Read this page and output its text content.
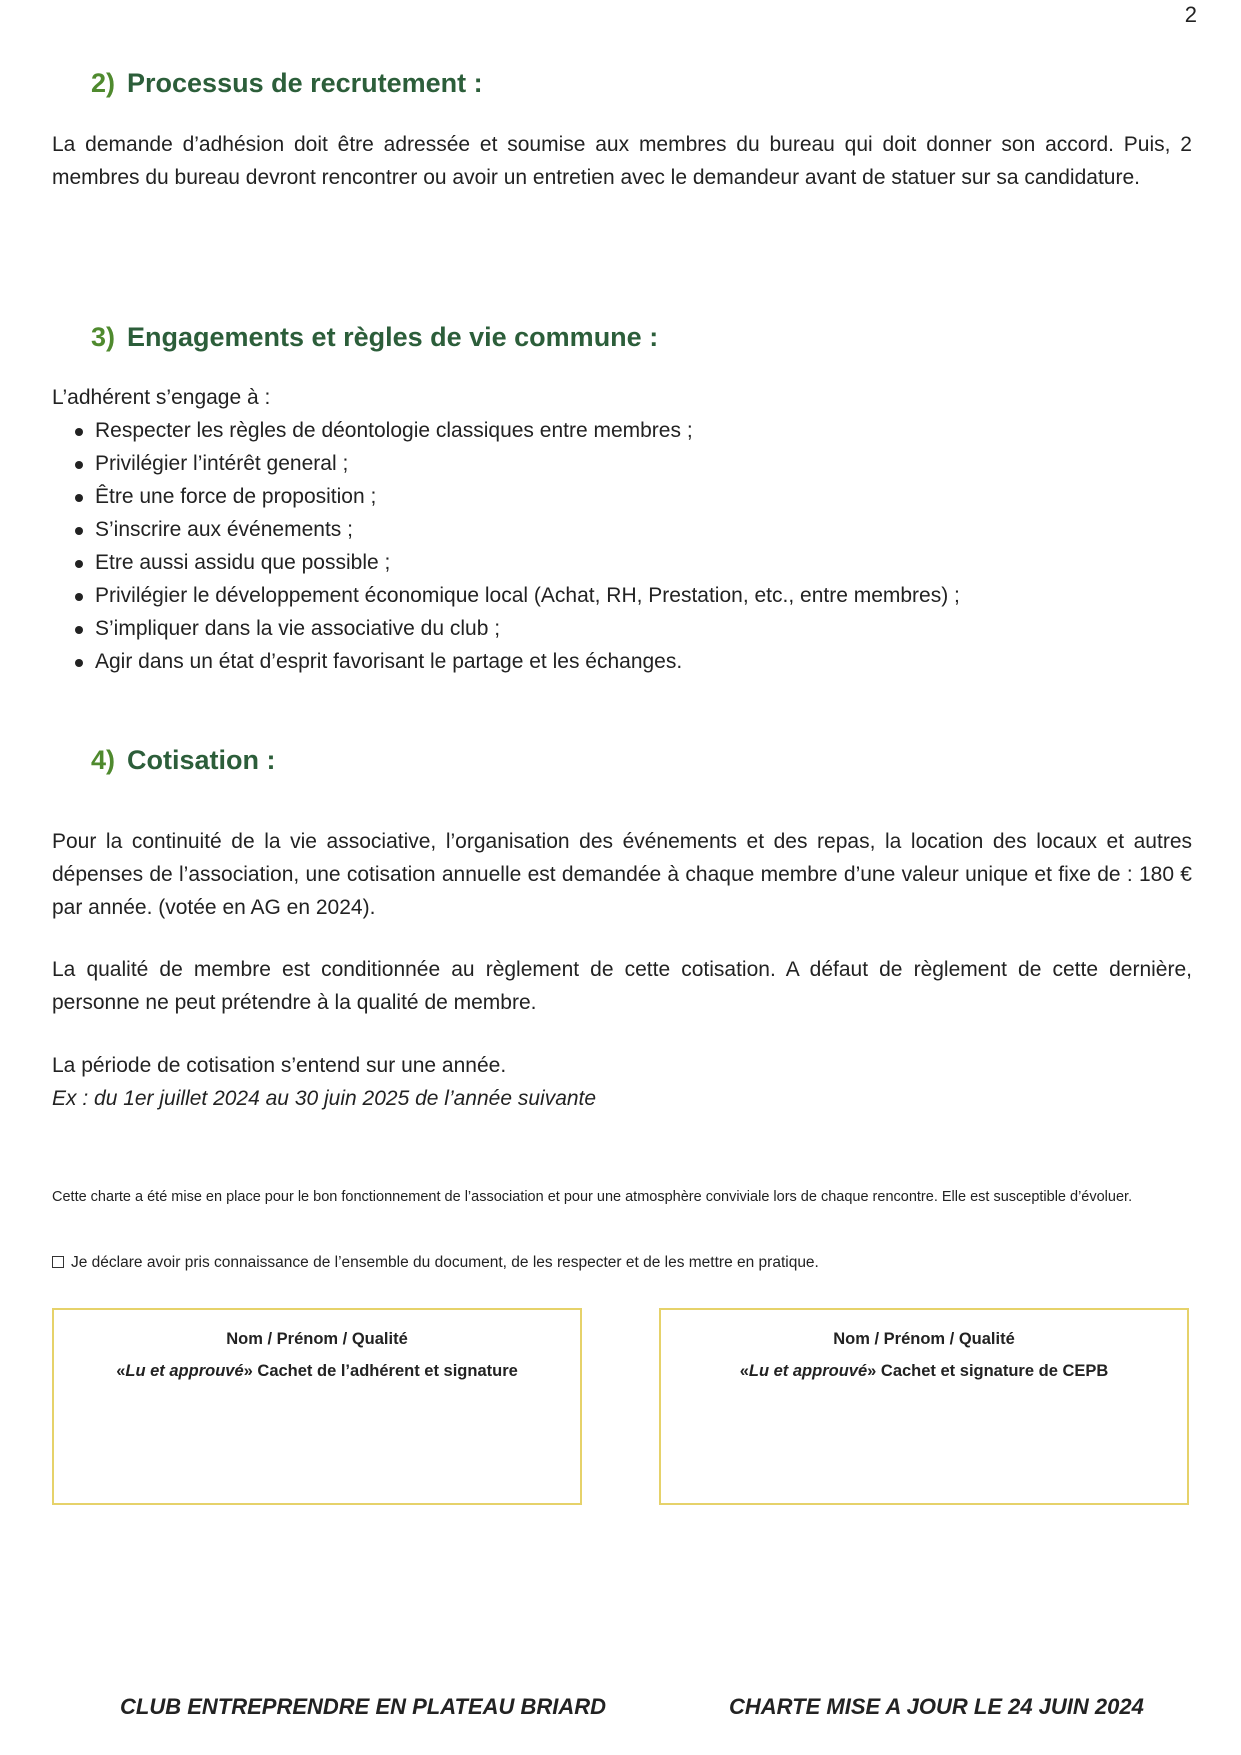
2
2) Processus de recrutement :

La demande d’adhésion doit être adressée et soumise aux membres du bureau qui doit donner son accord. Puis, 2 membres du bureau devront rencontrer ou avoir un entretien avec le demandeur avant de statuer sur sa candidature.

3) Engagements et règles de vie commune :

L’adhérent s’engage à :

Respecter les règles de déontologie classiques entre membres ;
Privilégier l’intérêt general ;
Être une force de proposition ;
S’inscrire aux événements ;
Etre aussi assidu que possible ;
Privilégier le développement économique local (Achat, RH, Prestation, etc., entre membres) ;
S’impliquer dans la vie associative du club ;
Agir dans un état d’esprit favorisant le partage et les échanges.
4) Cotisation :

Pour la continuité de la vie associative, l’organisation des événements et des repas, la location des locaux et autres dépenses de l’association, une cotisation annuelle est demandée à chaque membre d’une valeur unique et fixe de : 180 € par année. (votée en AG en 2024).

La qualité de membre est conditionnée au règlement de cette cotisation. A défaut de règlement de cette dernière, personne ne peut prétendre à la qualité de membre.

La période de cotisation s’entend sur une année.

Ex : du 1er juillet 2024 au 30 juin 2025 de l’année suivante

Cette charte a été mise en place pour le bon fonctionnement de l’association et pour une atmosphère conviviale lors de chaque rencontre. Elle est susceptible d’évoluer.

Je déclare avoir pris connaissance de l’ensemble du document, de les respecter et de les mettre en pratique.
Nom / Prénom / Qualité
«Lu et approuvé» Cachet de l’adhérent et signature
Nom / Prénom / Qualité
«Lu et approuvé» Cachet et signature de CEPB
CLUB ENTREPRENDRE EN PLATEAU BRIARD	CHARTE MISE A JOUR LE 24 JUIN 2024
